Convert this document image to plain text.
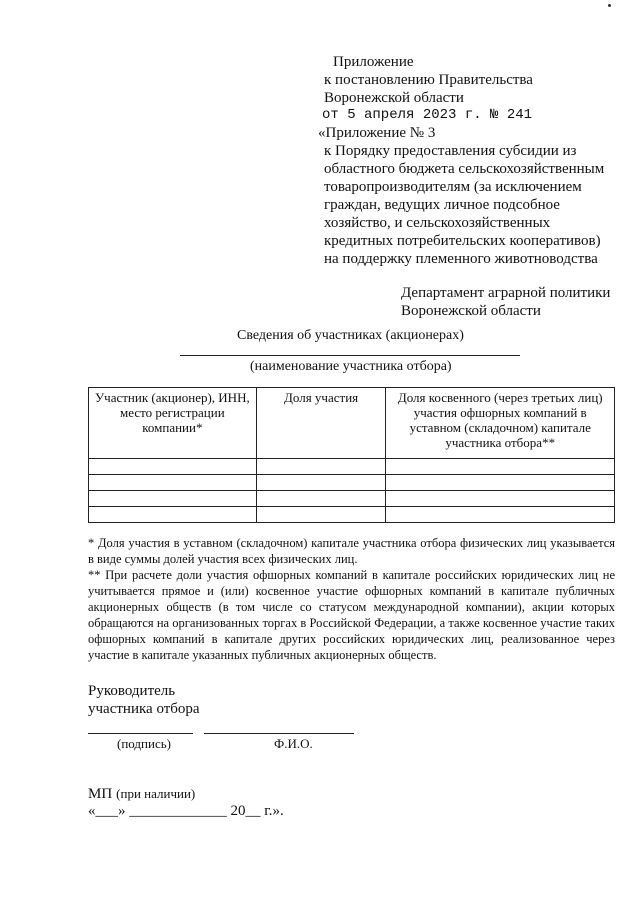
Приложение
к постановлению Правительства
Воронежской области
от 5 апреля 2023 г. № 241
«Приложение № 3
к Порядку предоставления субсидии из
областного бюджета сельскохозяйственным
товаропроизводителям (за исключением
граждан, ведущих личное подсобное
хозяйство, и сельскохозяйственных
кредитных потребительских кооперативов)
на поддержку племенного животноводства
Департамент аграрной политики
Воронежской области
Сведения об участниках (акционерах)
(наименование участника отбора)
Участник (акционер), ИНН, место регистрации компании*	Доля участия	Доля косвенного (через третьих лиц) участия офшорных компаний в уставном (складочном) капитале участника отбора**

* Доля участия в уставном (складочном) капитале участника отбора физических лиц указывается в виде суммы долей участия всех физических лиц.

** При расчете доли участия офшорных компаний в капитале российских юридических лиц не учитывается прямое и (или) косвенное участие офшорных компаний в капитале публичных акционерных обществ (в том числе со статусом международной компании), акции которых обращаются на организованных торгах в Российской Федерации, а также косвенное участие таких офшорных компаний в капитале других российских юридических лиц, реализованное через участие в капитале указанных публичных акционерных обществ.

Руководитель
участника отбора
(подпись)	Ф.И.О.
МП (при наличии)
«___» _____________ 20__ г.».
